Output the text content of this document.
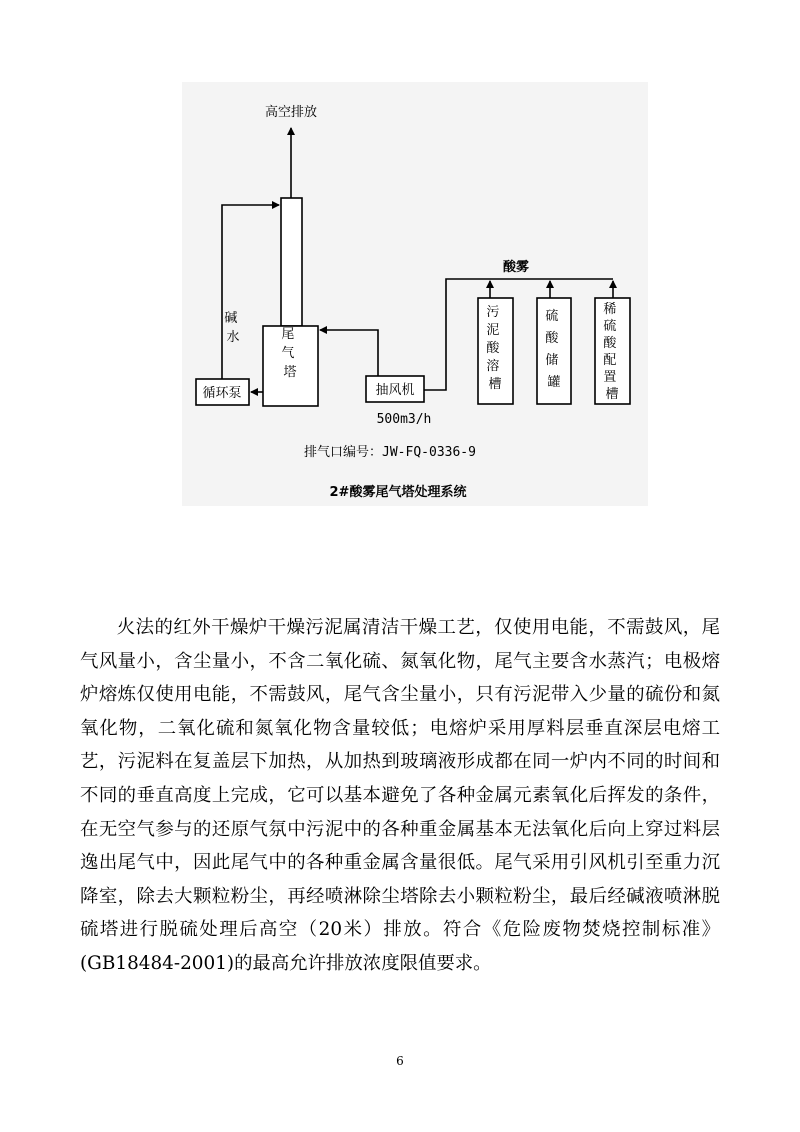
高空排放
尾 气 塔
碱 水
循环泵	抽风机
酸雾
污 泥 酸 溶 槽
硫 酸 储 罐
稀 硫 酸 配 置 槽
500m3/h
排气口编号：JW-FQ-0336-9
2#酸雾尾气塔处理系统

火法的红外干燥炉干燥污泥属清洁干燥工艺，仅使用电能，不需鼓风，尾气风量小，含尘量小，不含二氧化硫、氮氧化物，尾气主要含水蒸汽；电极熔炉熔炼仅使用电能，不需鼓风，尾气含尘量小，只有污泥带入少量的硫份和氮氧化物，二氧化硫和氮氧化物含量较低；电熔炉采用厚料层垂直深层电熔工艺，污泥料在复盖层下加热，从加热到玻璃液形成都在同一炉内不同的时间和不同的垂直高度上完成，它可以基本避免了各种金属元素氧化后挥发的条件，在无空气参与的还原气氛中污泥中的各种重金属基本无法氧化后向上穿过料层逸出尾气中，因此尾气中的各种重金属含量很低。尾气采用引风机引至重力沉降室，除去大颗粒粉尘，再经喷淋除尘塔除去小颗粒粉尘，最后经碱液喷淋脱硫塔进行脱硫处理后高空（20米）排放。符合《危险废物焚烧控制标准》(GB18484-2001)的最高允许排放浓度限值要求。

6
